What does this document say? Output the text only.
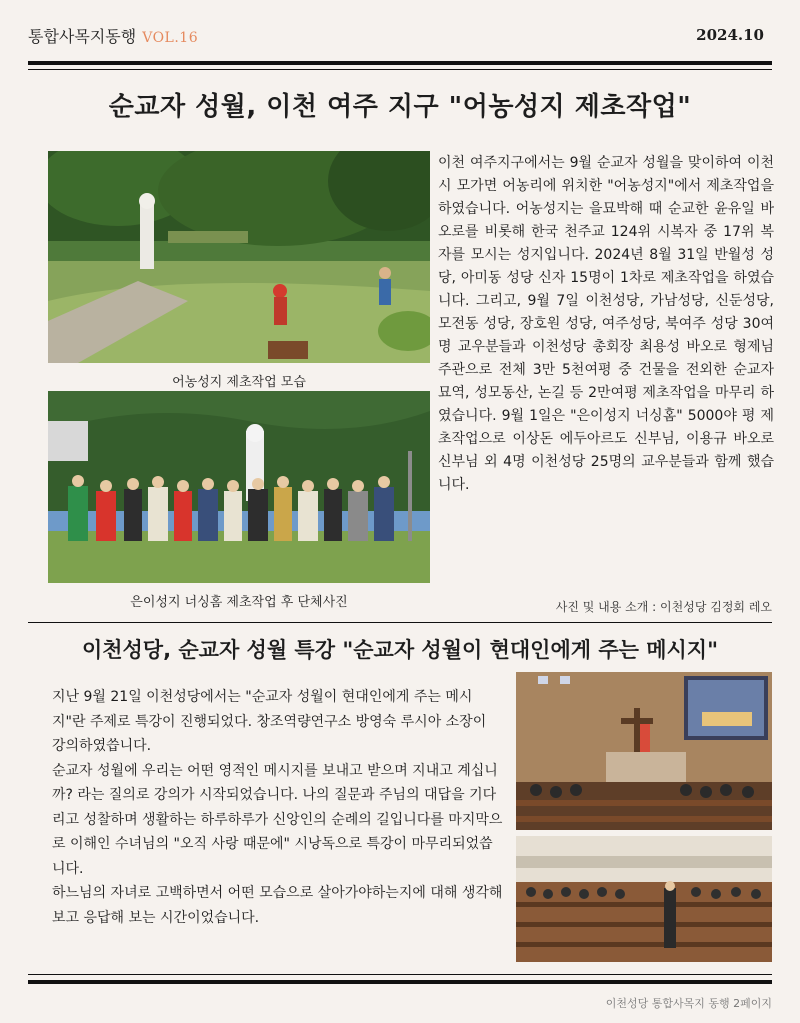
통합사목지동행 VOL.16	2024.10
순교자 성월, 이천 여주 지구 "어농성지 제초작업"
어농성지 제초작업 모습
은이성지 너싱홈 제초작업 후 단체사진
이천 여주지구에서는 9월 순교자 성월을 맞이하여 이천시 모가면 어농리에 위치한 "어농성지"에서 제초작업을 하였습니다. 어농성지는 을묘박해 때 순교한 윤유일 바오로를 비롯해 한국 천주교 124위 시복자 중 17위 복자를 모시는 성지입니다. 2024년 8월 31일 반월성 성당, 아미동 성당 신자 15명이 1차로 제초작업을 하였습니다. 그리고, 9월 7일 이천성당, 가남성당, 신둔성당, 모전동 성당, 장호원 성당, 여주성당, 북여주 성당 30여 명 교우분들과 이천성당 총회장 최용성 바오로 형제님 주관으로 전체 3만 5천여평 중 건물을 전외한 순교자 묘역, 성모동산, 논길 등 2만여평 제초작업을 마무리 하였습니다. 9월 1일은 "은이성지 너싱홈" 5000야 평 제초작업으로 이상돈 에두아르도 신부님, 이용규 바오로 신부님 외 4명 이천성당 25명의 교우분들과 함께 했습니다.
사진 및 내용 소개 : 이천성당 김정회 레오
이천성당, 순교자 성월 특강 "순교자 성월이 현대인에게 주는 메시지"

지난 9월 21일 이천성당에서는 "순교자 성월이 현대인에게 주는 메시지"란 주제로 특강이 진행되었다. 창조역량연구소 방영숙 루시아 소장이 강의하였씁니다.

순교자 성월에 우리는 어떤 영적인 메시지를 보내고 받으며 지내고 계십니까? 라는 질의로 강의가 시작되었습니다. 나의 질문과 주님의 대답을 기다리고 성찰하며 생활하는 하루하루가 신앙인의 순례의 길입니다를 마지막으로 이해인 수녀님의 "오직 사랑 때문에" 시낭독으로 특강이 마무리되었씁니다.

하느님의 자녀로 고백하면서 어떤 모습으로 살아가야하는지에 대해 생각해 보고 응답해 보는 시간이었습니다.

이천성당 통합사목지 동행 2페이지
